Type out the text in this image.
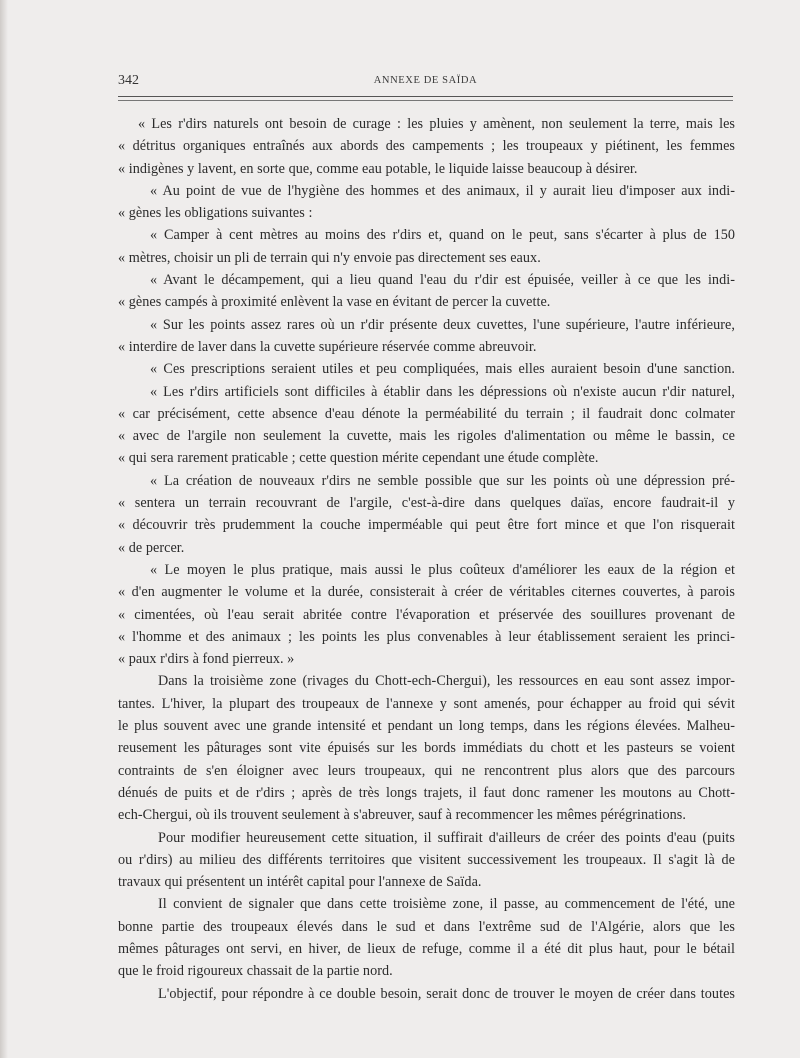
342	ANNEXE DE SAÏDA
« Les r'dirs naturels ont besoin de curage : les pluies y amènent, non seulement la terre, mais les
« détritus organiques entraînés aux abords des campements ; les troupeaux y piétinent, les femmes
« indigènes y lavent, en sorte que, comme eau potable, le liquide laisse beaucoup à désirer.
« Au point de vue de l'hygiène des hommes et des animaux, il y aurait lieu d'imposer aux indi-
« gènes les obligations suivantes :
« Camper à cent mètres au moins des r'dirs et, quand on le peut, sans s'écarter à plus de 150
« mètres, choisir un pli de terrain qui n'y envoie pas directement ses eaux.
« Avant le décampement, qui a lieu quand l'eau du r'dir est épuisée, veiller à ce que les indi-
« gènes campés à proximité enlèvent la vase en évitant de percer la cuvette.
« Sur les points assez rares où un r'dir présente deux cuvettes, l'une supérieure, l'autre inférieure,
« interdire de laver dans la cuvette supérieure réservée comme abreuvoir.
« Ces prescriptions seraient utiles et peu compliquées, mais elles auraient besoin d'une sanction.
« Les r'dirs artificiels sont difficiles à établir dans les dépressions où n'existe aucun r'dir naturel,
« car précisément, cette absence d'eau dénote la perméabilité du terrain ; il faudrait donc colmater
« avec de l'argile non seulement la cuvette, mais les rigoles d'alimentation ou même le bassin, ce
« qui sera rarement praticable ; cette question mérite cependant une étude complète.
« La création de nouveaux r'dirs ne semble possible que sur les points où une dépression pré-
« sentera un terrain recouvrant de l'argile, c'est-à-dire dans quelques daïas, encore faudrait-il y
« découvrir très prudemment la couche imperméable qui peut être fort mince et que l'on risquerait
« de percer.
« Le moyen le plus pratique, mais aussi le plus coûteux d'améliorer les eaux de la région et
« d'en augmenter le volume et la durée, consisterait à créer de véritables citernes couvertes, à parois
« cimentées, où l'eau serait abritée contre l'évaporation et préservée des souillures provenant de
« l'homme et des animaux ; les points les plus convenables à leur établissement seraient les princi-
« paux r'dirs à fond pierreux. »
Dans la troisième zone (rivages du Chott-ech-Chergui), les ressources en eau sont assez impor-
tantes. L'hiver, la plupart des troupeaux de l'annexe y sont amenés, pour échapper au froid qui sévit
le plus souvent avec une grande intensité et pendant un long temps, dans les régions élevées. Malheu-
reusement les pâturages sont vite épuisés sur les bords immédiats du chott et les pasteurs se voient
contraints de s'en éloigner avec leurs troupeaux, qui ne rencontrent plus alors que des parcours
dénués de puits et de r'dirs ; après de très longs trajets, il faut donc ramener les moutons au Chott-
ech-Chergui, où ils trouvent seulement à s'abreuver, sauf à recommencer les mêmes pérégrinations.
Pour modifier heureusement cette situation, il suffirait d'ailleurs de créer des points d'eau (puits
ou r'dirs) au milieu des différents territoires que visitent successivement les troupeaux. Il s'agit là de
travaux qui présentent un intérêt capital pour l'annexe de Saïda.
Il convient de signaler que dans cette troisième zone, il passe, au commencement de l'été, une
bonne partie des troupeaux élevés dans le sud et dans l'extrême sud de l'Algérie, alors que les
mêmes pâturages ont servi, en hiver, de lieux de refuge, comme il a été dit plus haut, pour le bétail
que le froid rigoureux chassait de la partie nord.
L'objectif, pour répondre à ce double besoin, serait donc de trouver le moyen de créer dans toutes
